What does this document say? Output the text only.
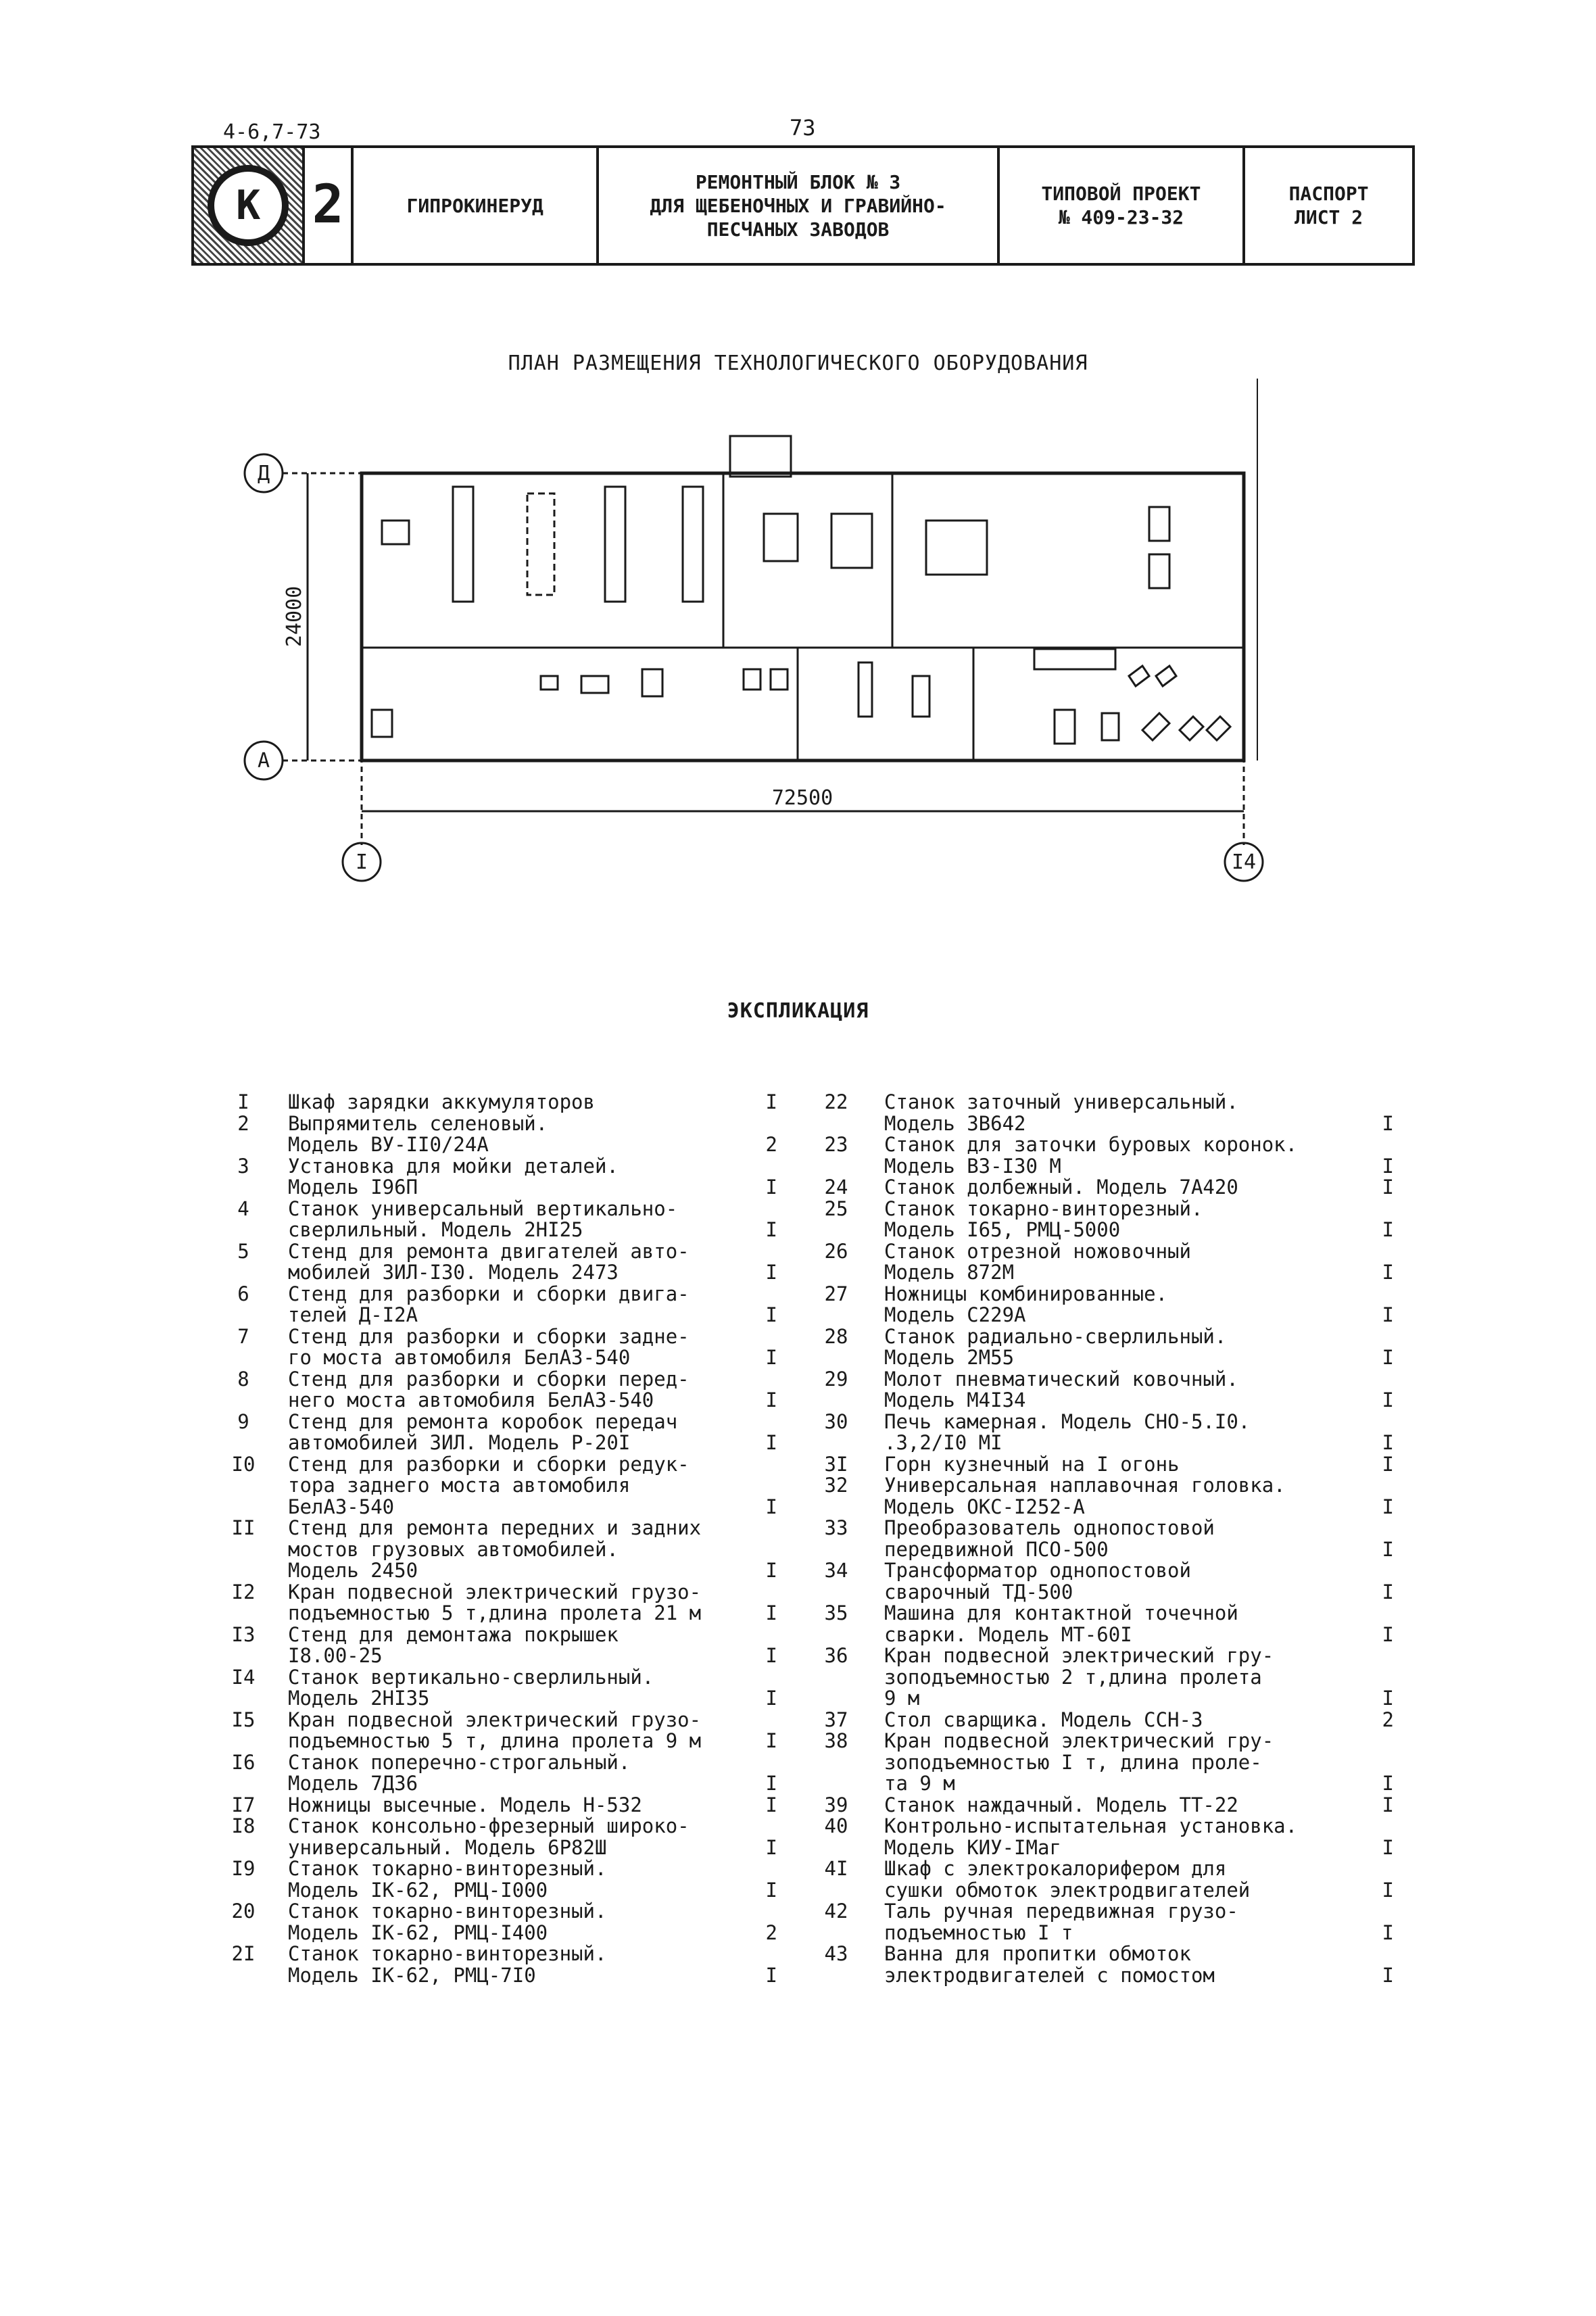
4-6,7-73	73
К 2	ГИПРОКИНЕРУД
РЕМОНТНЫЙ БЛОК № 3
ДЛЯ ЩЕБЕНОЧНЫХ И ГРАВИЙНО-
ПЕСЧАНЫХ ЗАВОДОВ
ТИПОВОЙ ПРОЕКТ
№ 409-23-32
ПАСПОРТ
ЛИСТ 2
ПЛАН РАЗМЕЩЕНИЯ ТЕХНОЛОГИЧЕСКОГО ОБОРУДОВАНИЯ
Д
А
I	I4
72500
24000
ЭКСПЛИКАЦИЯ
I	Шкаф зарядки аккумуляторов	I
2	Выпрямитель селеновый.
Модель ВУ-II0/24А	2
3	Установка для мойки деталей.
Модель I96П	I
4	Станок универсальный вертикально-
сверлильный. Модель 2НI25	I
5	Стенд для ремонта двигателей авто-
мобилей ЗИЛ-I30. Модель 2473	I
6	Стенд для разборки и сборки двига-
телей Д-I2А	I
7	Стенд для разборки и сборки задне-
го моста автомобиля БелАЗ-540	I
8	Стенд для разборки и сборки перед-
него моста автомобиля БелАЗ-540	I
9	Стенд для ремонта коробок передач
автомобилей ЗИЛ. Модель Р-20I	I
I0	Стенд для разборки и сборки редук-
тора заднего моста автомобиля
БелАЗ-540	I
II	Стенд для ремонта передних и задних
мостов грузовых автомобилей.
Модель 2450	I
I2	Кран подвесной электрический грузо-
подъемностью 5 т,длина пролета 21 м	I
I3	Стенд для демонтажа покрышек
I8.00-25	I
I4	Станок вертикально-сверлильный.
Модель 2НI35	I
I5	Кран подвесной электрический грузо-
подъемностью 5 т, длина пролета 9 м	I
I6	Станок поперечно-строгальный.
Модель 7Д36	I
I7	Ножницы высечные. Модель Н-532	I
I8	Станок консольно-фрезерный широко-
универсальный. Модель 6Р82Ш	I
I9	Станок токарно-винторезный.
Модель IК-62, РМЦ-I000	I
20	Станок токарно-винторезный.
Модель IК-62, РМЦ-I400	2
2I	Станок токарно-винторезный.
Модель IК-62, РМЦ-7I0	I
22	Станок заточный универсальный.
Модель 3В642	I
23	Станок для заточки буровых коронок.
Модель ВЗ-I30 М	I
24	Станок долбежный. Модель 7А420	I
25	Станок токарно-винторезный.
Модель I65, РМЦ-5000	I
26	Станок отрезной ножовочный
Модель 872М	I
27	Ножницы комбинированные.
Модель С229А	I
28	Станок радиально-сверлильный.
Модель 2М55	I
29	Молот пневматический ковочный.
Модель М4I34	I
30	Печь камерная. Модель СНО-5.I0.
.3,2/I0 МI	I
3I	Горн кузнечный на I огонь	I
32	Универсальная наплавочная головка.
Модель ОКС-I252-А	I
33	Преобразователь однопостовой
передвижной ПСО-500	I
34	Трансформатор однопостовой
сварочный ТД-500	I
35	Машина для контактной точечной
сварки. Модель МТ-60I	I
36	Кран подвесной электрический гру-
зоподъемностью 2 т,длина пролета
9 м	I
37	Стол сварщика. Модель ССН-3	2
38	Кран подвесной электрический гру-
зоподъемностью I т, длина проле-
та 9 м	I
39	Станок наждачный. Модель ТТ-22	I
40	Контрольно-испытательная установка.
Модель КИУ-IМаг	I
4I	Шкаф с электрокалорифером для
сушки обмоток электродвигателей	I
42	Таль ручная передвижная грузо-
подъемностью I т	I
43	Ванна для пропитки обмоток
электродвигателей с помостом	I
